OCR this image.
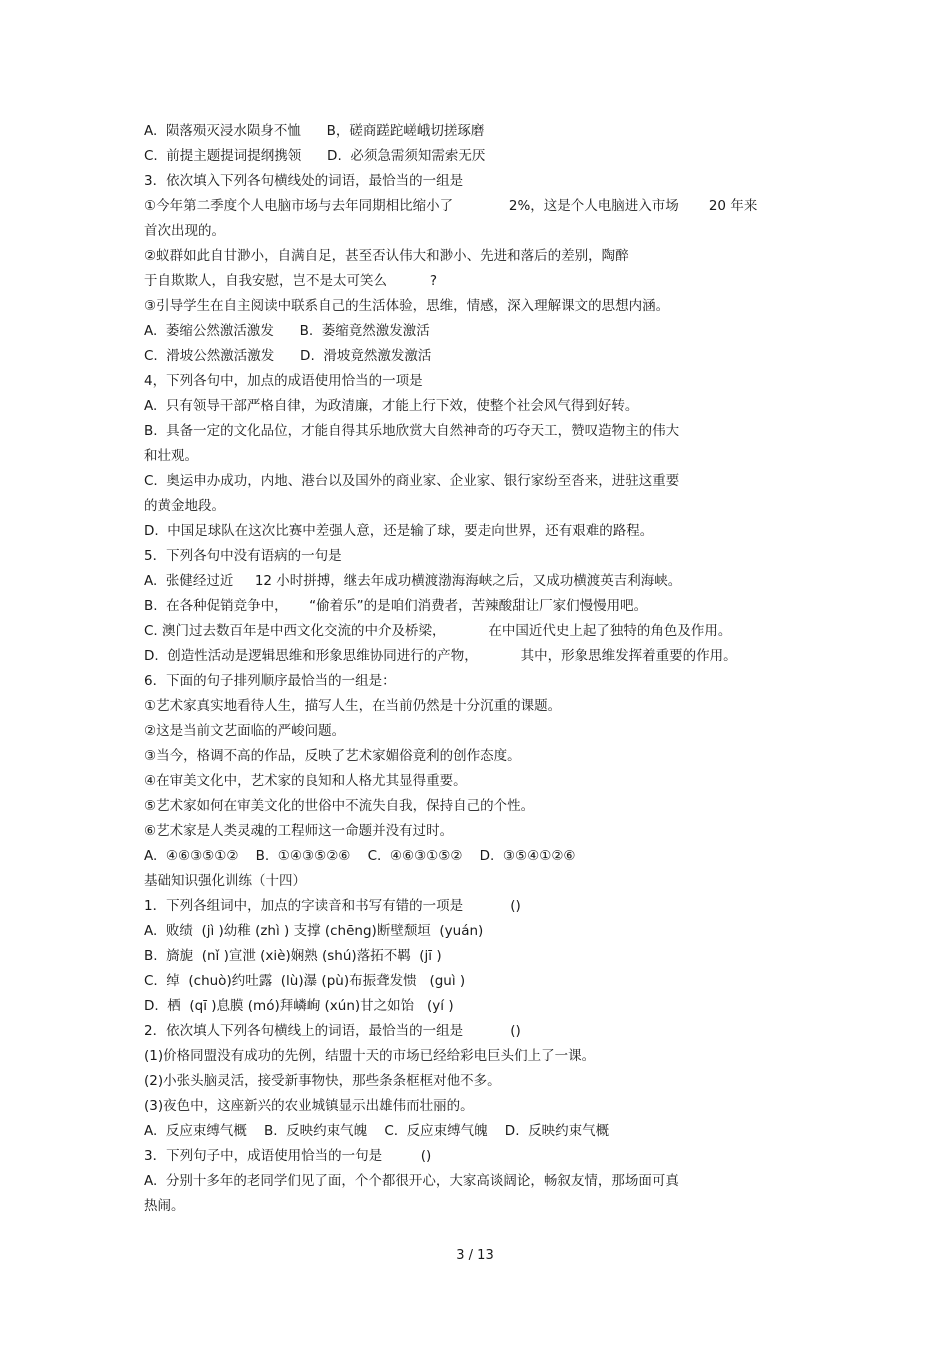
A.  陨落殒灭浸水陨身不恤      B，磋商蹉跎嵯峨切搓琢磨
C.  前提主题提词提纲携领      D.  必须急需须知需索无厌
3．依次填入下列各句横线处的词语，最恰当的一组是
①今年第二季度个人电脑市场与去年同期相比缩小了             2%，这是个人电脑进入市场       20 年来
首次出现的。
②蚁群如此自甘渺小，自满自足，甚至否认伟大和渺小、先进和落后的差别，陶醉
于自欺欺人，自我安慰，岂不是太可笑么          ?
③引导学生在自主阅读中联系自己的生活体验，思维，情感，深入理解课文的思想内涵。
A.  萎缩公然激活激发      B.  萎缩竟然激发激活
C.  滑坡公然激活激发      D.  滑坡竟然激发激活
4，下列各句中，加点的成语使用恰当的一项是
A.  只有领导干部严格自律，为政清廉，才能上行下效，使整个社会风气得到好转。
B.  具备一定的文化品位，才能自得其乐地欣赏大自然神奇的巧夺天工，赞叹造物主的伟大
和壮观。
C.  奥运申办成功，内地、港台以及国外的商业家、企业家、银行家纷至沓来，进驻这重要
的黄金地段。
D.  中国足球队在这次比赛中差强人意，还是输了球，要走向世界，还有艰难的路程。
5．下列各句中没有语病的一句是
A.  张健经过近     12 小时拼搏，继去年成功横渡渤海海峡之后，又成功横渡英吉利海峡。
B.  在各种促销竞争中，     “偷着乐”的是咱们消费者，苦辣酸甜让厂家们慢慢用吧。
C. 澳门过去数百年是中西文化交流的中介及桥梁，          在中国近代史上起了独特的角色及作用。
D.  创造性活动是逻辑思维和形象思维协同进行的产物，          其中，形象思维发挥着重要的作用。
6．下面的句子排列顺序最恰当的一组是：
①艺术家真实地看待人生，描写人生，在当前仍然是十分沉重的课题。
②这是当前文艺面临的严峻问题。
③当今，格调不高的作品，反映了艺术家媚俗竟利的创作态度。
④在审美文化中，艺术家的良知和人格尤其显得重要。
⑤艺术家如何在审美文化的世俗中不流失自我，保持自己的个性。
⑥艺术家是人类灵魂的工程师这一命题并没有过时。
A.  ④⑥③⑤①②    B.  ①④③⑤②⑥    C.  ④⑥③①⑤②    D.  ③⑤④①②⑥
基础知识强化训练（十四）
1．下列各组词中，加点的字读音和书写有错的一项是           ()
A.  败绩  (jì )幼稚 (zhì ) 支撑 (chēng)断壁颓垣  (yuán)
B.  旖旎  (nǐ )宣泄 (xiè)娴熟 (shú)落拓不羁  (jī )
C.  绰  (chuò)约吐露  (lù)瀑 (pù)布振聋发愦   (guì )
D.  栖  (qī )息膜 (mó)拜嶙峋 (xún)甘之如饴   (yí )
2．依次填人下列各句横线上的词语，最恰当的一组是           ()
(1)价格同盟没有成功的先例，结盟十天的市场已经给彩电巨头们上了一课。
(2)小张头脑灵活，接受新事物快，那些条条框框对他不多。
(3)夜色中，这座新兴的农业城镇显示出雄伟而壮丽的。
A.  反应束缚气概    B.  反映约束气魄    C.  反应束缚气魄    D.  反映约束气概
3．下列句子中，成语使用恰当的一句是         ()
A.  分别十多年的老同学们见了面，个个都很开心，大家高谈阔论，畅叙友情，那场面可真
热闹。
3 / 13
